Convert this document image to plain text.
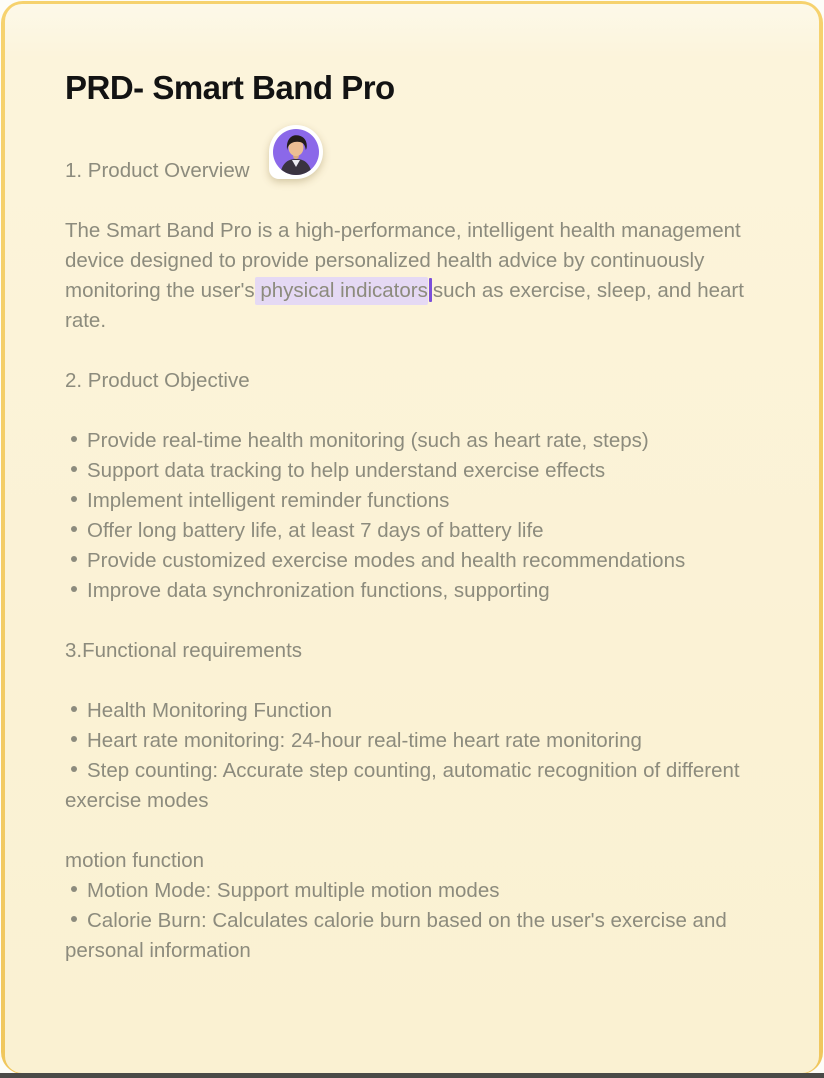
PRD- Smart Band Pro
1. Product Overview
The Smart Band Pro is a high-performance, intelligent health management device designed to provide personalized health advice by continuously monitoring the user's physical indicators such as exercise, sleep, and heart rate.
2. Product Objective
Provide real-time health monitoring (such as heart rate, steps)
Support data tracking to help understand exercise effects
Implement intelligent reminder functions
Offer long battery life, at least 7 days of battery life
Provide customized exercise modes and health recommendations
Improve data synchronization functions, supporting
3.Functional requirements
Health Monitoring Function
Heart rate monitoring: 24-hour real-time heart rate monitoring
Step counting: Accurate step counting, automatic recognition of different exercise modes
motion function
Motion Mode: Support multiple motion modes
Calorie Burn: Calculates calorie burn based on the user's exercise and personal information
